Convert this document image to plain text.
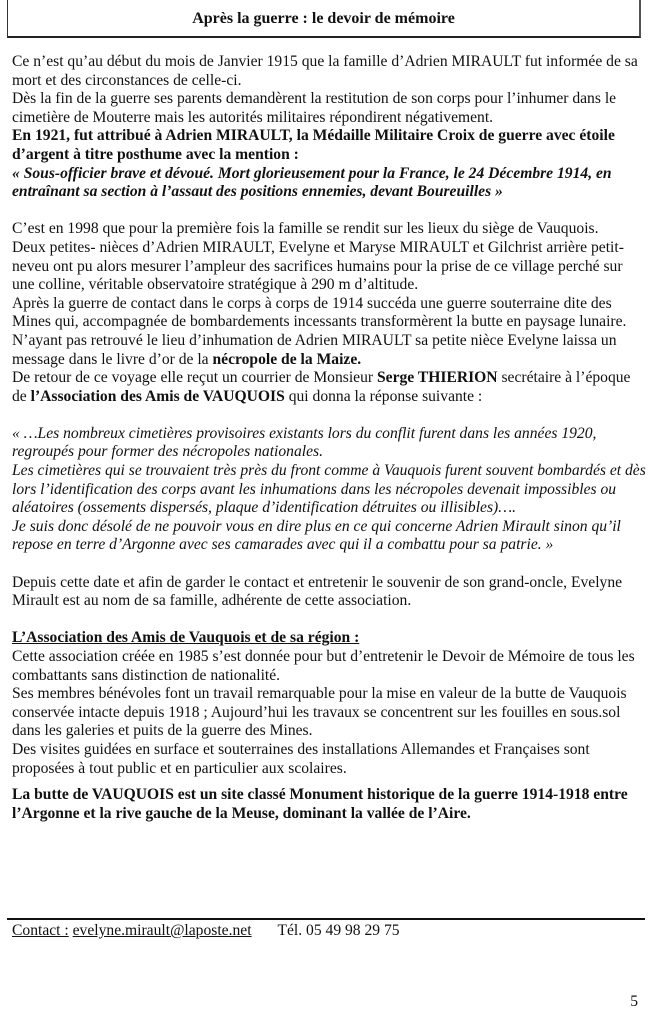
Après la guerre : le devoir de mémoire

Ce n’est qu’au début du mois de Janvier 1915 que la famille d’Adrien MIRAULT fut informée de sa mort et des circonstances de celle-ci.

Dès la fin de la guerre ses parents demandèrent la restitution de son corps pour l’inhumer dans le cimetière de Mouterre mais les autorités militaires répondirent négativement.

En 1921, fut attribué à Adrien MIRAULT, la Médaille Militaire Croix de guerre avec étoile d’argent à titre posthume avec la mention :

« Sous-officier brave et dévoué. Mort glorieusement pour la France, le 24 Décembre 1914, en entraînant sa section à l’assaut des positions ennemies, devant Boureuilles »

C’est en 1998 que pour la première fois la famille se rendit sur les lieux du siège de Vauquois.

Deux petites- nièces d’Adrien MIRAULT, Evelyne et Maryse MIRAULT et Gilchrist arrière petit- neveu ont pu alors mesurer l’ampleur des sacrifices humains pour la prise de ce village perché sur une colline, véritable observatoire stratégique à 290 m d’altitude.

Après la guerre de contact dans le corps à corps de 1914 succéda une guerre souterraine dite des Mines qui, accompagnée de bombardements incessants transformèrent la butte en paysage lunaire.

N’ayant pas retrouvé le lieu d’inhumation de Adrien MIRAULT sa petite nièce Evelyne laissa un message dans le livre d’or de la nécropole de la Maize.

De retour de ce voyage elle reçut un courrier de Monsieur Serge THIERION secrétaire à l’époque de l’Association des Amis de VAUQUOIS qui donna la réponse suivante :

« …Les nombreux cimetières provisoires existants lors du conflit furent dans les années 1920, regroupés pour former des nécropoles nationales.

Les cimetières qui se trouvaient très près du front comme à Vauquois furent souvent bombardés et dès lors l’identification des corps avant les inhumations dans les nécropoles devenait impossibles ou aléatoires (ossements dispersés, plaque d’identification détruites ou illisibles)….

Je suis donc désolé de ne pouvoir vous en dire plus en ce qui concerne Adrien Mirault sinon qu’il repose en terre d’Argonne avec ses camarades avec qui il a combattu pour sa patrie. »

Depuis cette date et afin de garder le contact et entretenir le souvenir de son grand-oncle, Evelyne Mirault est au nom de sa famille, adhérente de cette association.

L’Association des Amis de Vauquois et de sa région :

Cette association créée en 1985 s’est donnée pour but d’entretenir le Devoir de Mémoire de tous les combattants sans distinction de nationalité.

Ses membres bénévoles font un travail remarquable pour la mise en valeur de la butte de Vauquois conservée intacte depuis 1918 ; Aujourd’hui les travaux se concentrent sur les fouilles en sous.sol dans les galeries et puits de la guerre des Mines.

Des visites guidées en surface et souterraines des installations Allemandes et Françaises sont proposées à tout public et en particulier aux scolaires.

La butte de VAUQUOIS est un site classé Monument historique de la guerre 1914-1918 entre l’Argonne et la rive gauche de la Meuse, dominant la vallée de l’Aire.

Contact : evelyne.mirault@laposte.net Tél. 05 49 98 29 75
5
